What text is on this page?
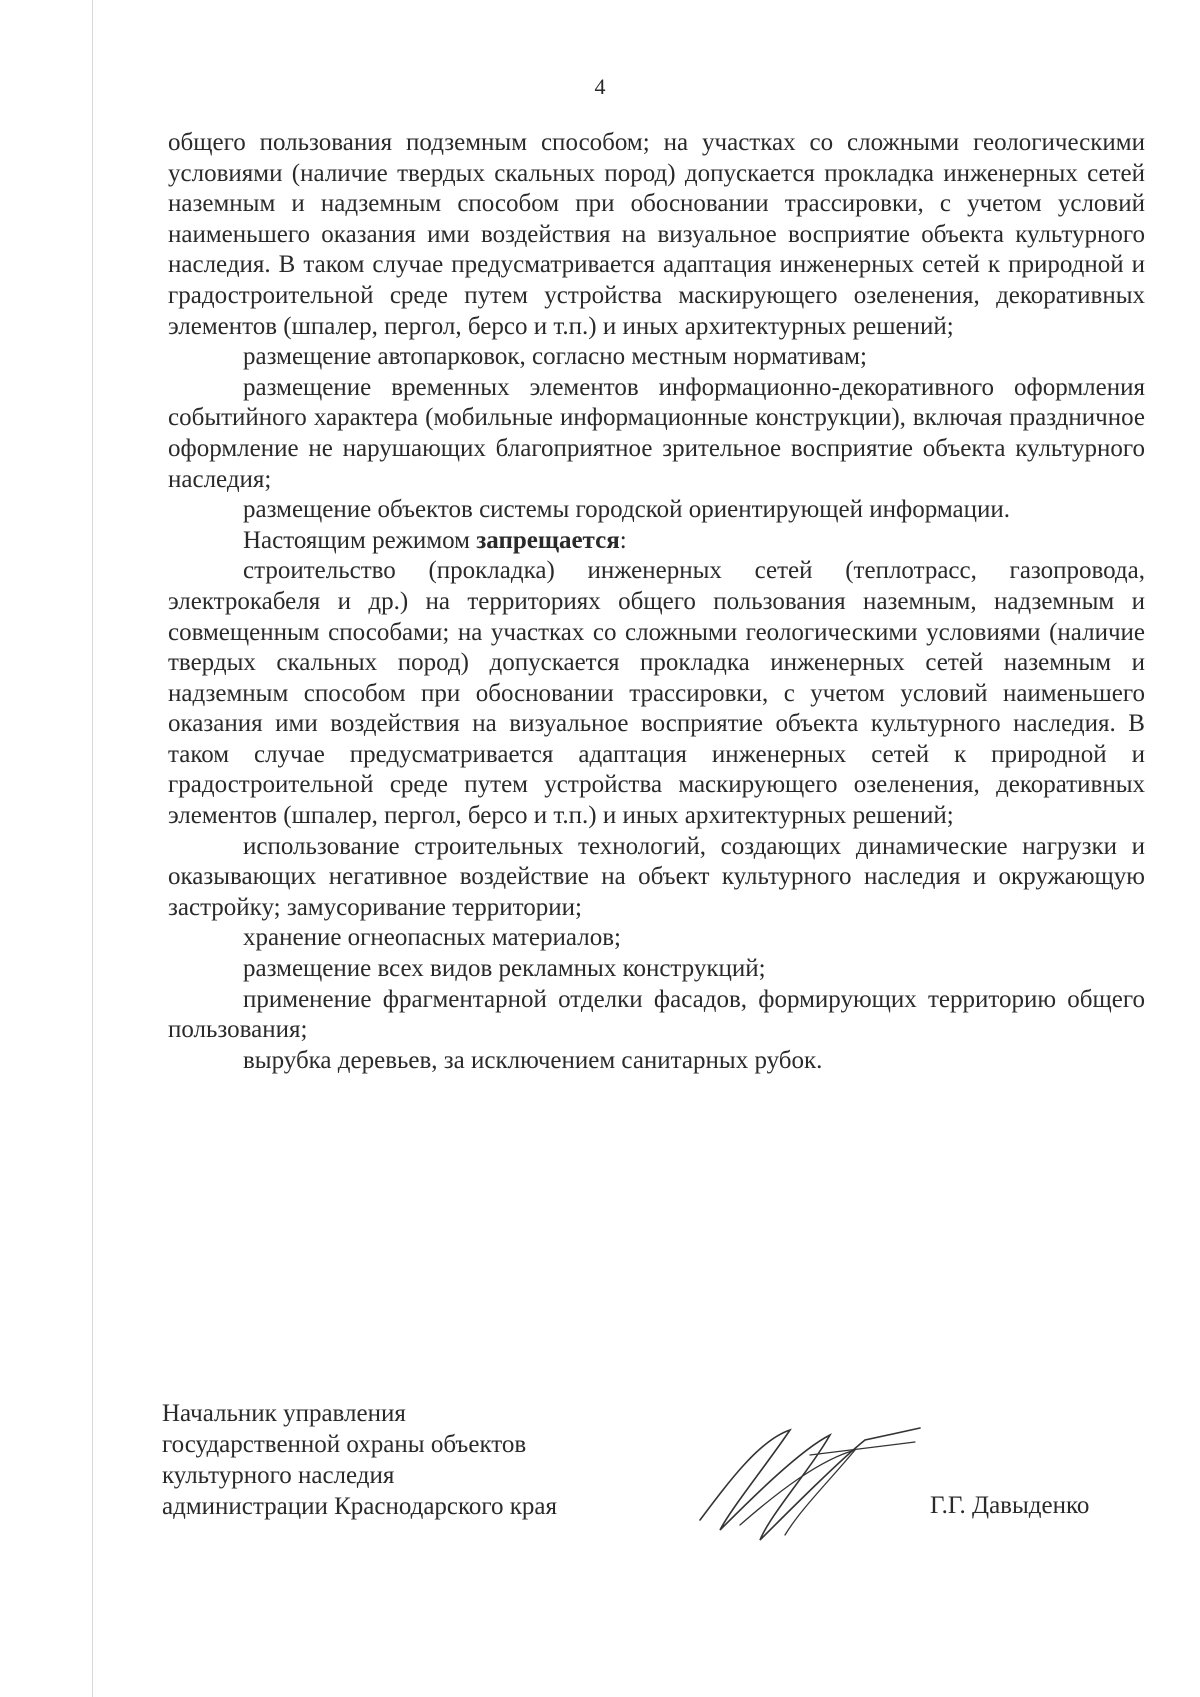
4

общего пользования подземным способом; на участках со сложными геологическими условиями (наличие твердых скальных пород) допускается прокладка инженерных сетей наземным и надземным способом при обосновании трассировки, с учетом условий наименьшего оказания ими воздействия на визуальное восприятие объекта культурного наследия. В таком случае предусматривается адаптация инженерных сетей к природной и градостроительной среде путем устройства маскирующего озеленения, декоративных элементов (шпалер, пергол, берсо и т.п.) и иных архитектурных решений;

размещение автопарковок, согласно местным нормативам;

размещение временных элементов информационно-декоративного оформления событийного характера (мобильные информационные конструкции), включая праздничное оформление не нарушающих благоприятное зрительное восприятие объекта культурного наследия;

размещение объектов системы городской ориентирующей информации.

Настоящим режимом запрещается:

строительство (прокладка) инженерных сетей (теплотрасс, газопровода, электрокабеля и др.) на территориях общего пользования наземным, надземным и совмещенным способами; на участках со сложными геологическими условиями (наличие твердых скальных пород) допускается прокладка инженерных сетей наземным и надземным способом при обосновании трассировки, с учетом условий наименьшего оказания ими воздействия на визуальное восприятие объекта культурного наследия. В таком случае предусматривается адаптация инженерных сетей к природной и градостроительной среде путем устройства маскирующего озеленения, декоративных элементов (шпалер, пергол, берсо и т.п.) и иных архитектурных решений;

использование строительных технологий, создающих динамические нагрузки и оказывающих негативное воздействие на объект культурного наследия и окружающую застройку; замусоривание территории;

хранение огнеопасных материалов;

размещение всех видов рекламных конструкций;

применение фрагментарной отделки фасадов, формирующих территорию общего пользования;

вырубка деревьев, за исключением санитарных рубок.

Начальник управления
государственной охраны объектов
культурного наследия
администрации Краснодарского края	Г.Г. Давыденко
